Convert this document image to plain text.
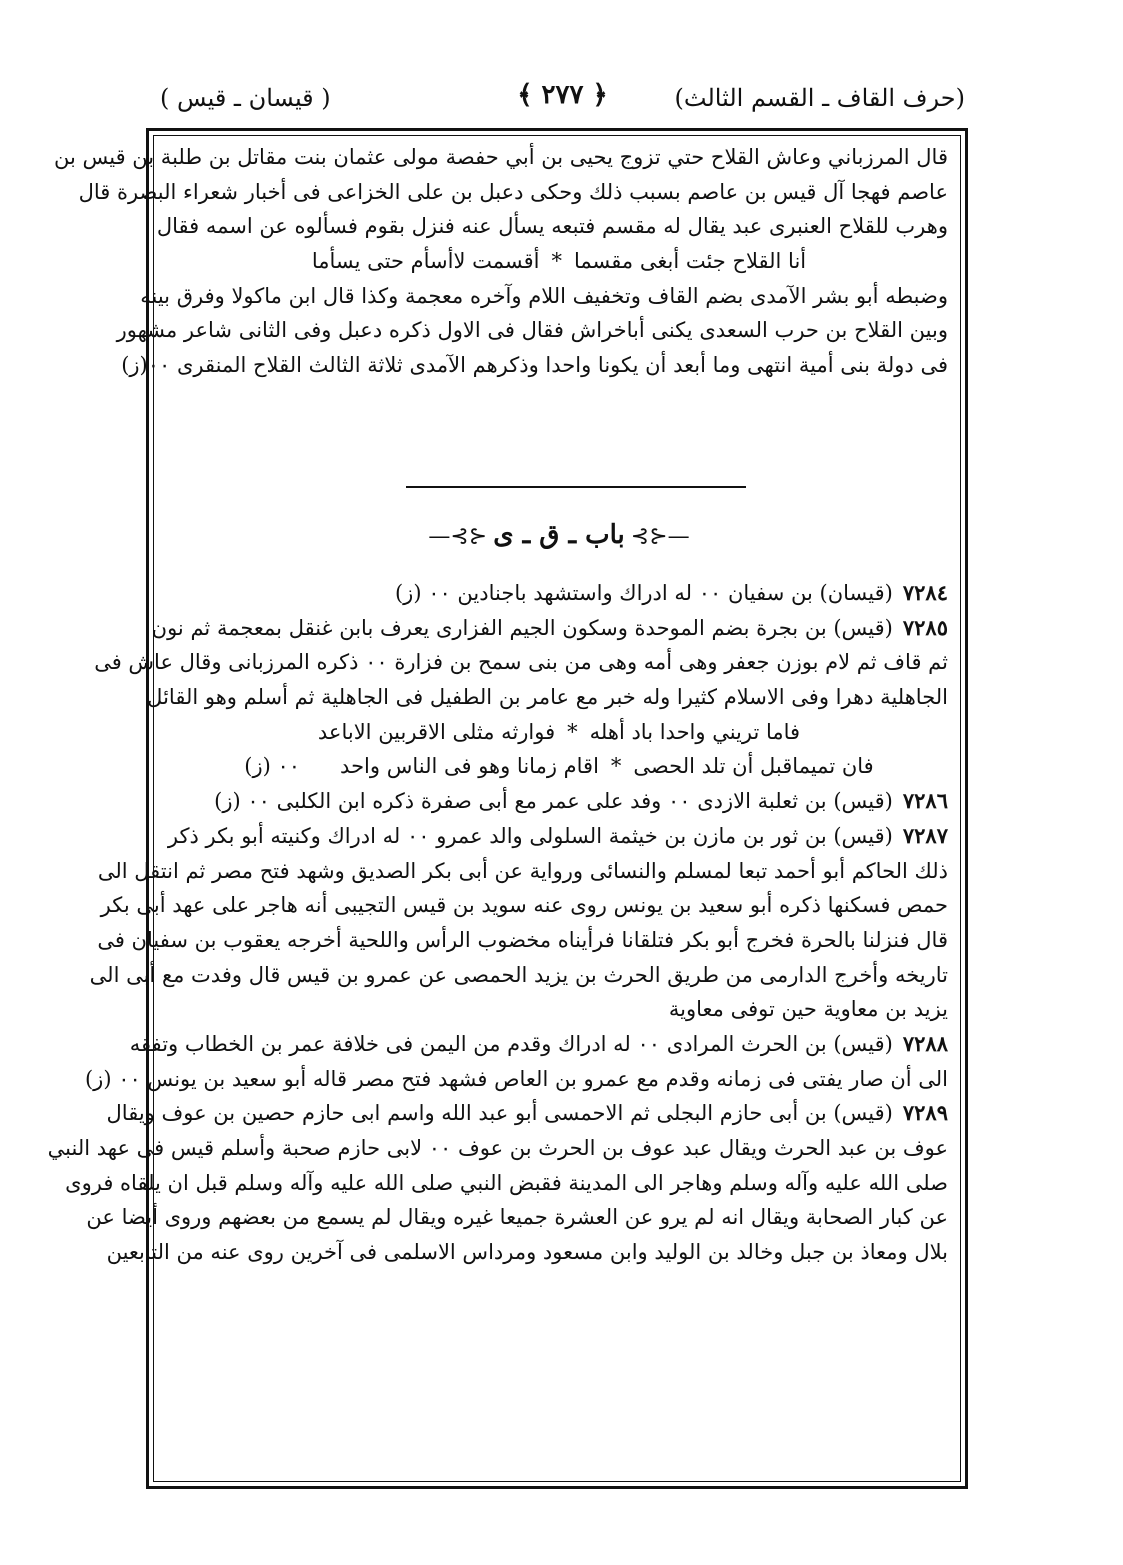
(حرف القاف ـ القسم الثالث)
﴿ ٢٧٧ ﴾
( قيسان ـ قيس )
قال المرزباني وعاش القلاح حتي تزوج يحيى بن أبي حفصة مولى عثمان بنت مقاتل بن طلبة بن قيس بن
عاصم فهجا آل قيس بن عاصم بسبب ذلك وحكى دعبل بن على الخزاعى فى أخبار شعراء البصرة قال
وهرب للقلاح العنبرى عبد يقال له مقسم فتبعه يسأل عنه فنزل بقوم فسألوه عن اسمه فقال
أنا القلاح جئت أبغى مقسما*أقسمت لاأسأم حتى يسأما
وضبطه أبو بشر الآمدى بضم القاف وتخفيف اللام وآخره معجمة وكذا قال ابن ماكولا وفرق بينه
وبين القلاح بن حرب السعدى يكنى أباخراش فقال فى الاول ذكره دعبل وفى الثانى شاعر مشهور
فى دولة بنى أمية انتهى وما أبعد أن يكونا واحدا وذكرهم الآمدى ثلاثة الثالث القلاح المنقرى ٠٠(ز)
—⊰⊱باب ـ ق ـ ى⊰⊱—
٧٢٨٤(قيسان) بن سفيان ٠٠ له ادراك واستشهد باجنادين ٠٠ (ز)
٧٢٨٥(قيس) بن بجرة بضم الموحدة وسكون الجيم الفزارى يعرف بابن غنقل بمعجمة ثم نون
ثم قاف ثم لام بوزن جعفر وهى أمه وهى من بنى سمح بن فزارة ٠٠ ذكره المرزبانى وقال عاش فى
الجاهلية دهرا وفى الاسلام كثيرا وله خبر مع عامر بن الطفيل فى الجاهلية ثم أسلم وهو القائل
فاما تريني واحدا باد أهله*فوارثه مثلى الاقربين الاباعد
فان تميماقبل أن تلد الحصى*اقام زمانا وهو فى الناس واحد٠٠ (ز)
٧٢٨٦(قيس) بن ثعلبة الازدى ٠٠ وفد على عمر مع أبى صفرة ذكره ابن الكلبى ٠٠ (ز)
٧٢٨٧(قيس) بن ثور بن مازن بن خيثمة السلولى والد عمرو ٠٠ له ادراك وكنيته أبو بكر ذكر
ذلك الحاكم أبو أحمد تبعا لمسلم والنسائى ورواية عن أبى بكر الصديق وشهد فتح مصر ثم انتقل الى
حمص فسكنها ذكره أبو سعيد بن يونس روى عنه سويد بن قيس التجيبى أنه هاجر على عهد أبى بكر
قال فنزلنا بالحرة فخرج أبو بكر فتلقانا فرأيناه مخضوب الرأس واللحية أخرجه يعقوب بن سفيان فى
تاريخه وأخرج الدارمى من طريق الحرث بن يزيد الحمصى عن عمرو بن قيس قال وفدت مع أبى الى
يزيد بن معاوية حين توفى معاوية
٧٢٨٨(قيس) بن الحرث المرادى ٠٠ له ادراك وقدم من اليمن فى خلافة عمر بن الخطاب وتفقه
الى أن صار يفتى فى زمانه وقدم مع عمرو بن العاص فشهد فتح مصر قاله أبو سعيد بن يونس ٠٠ (ز)
٧٢٨٩(قيس) بن أبى حازم البجلى ثم الاحمسى أبو عبد الله واسم ابى حازم حصين بن عوف ويقال
عوف بن عبد الحرث ويقال عبد عوف بن الحرث بن عوف ٠٠ لابى حازم صحبة وأسلم قيس فى عهد النبي
صلى الله عليه وآله وسلم وهاجر الى المدينة فقبض النبي صلى الله عليه وآله وسلم قبل ان يلقاه فروى
عن كبار الصحابة ويقال انه لم يرو عن العشرة جميعا غيره ويقال لم يسمع من بعضهم وروى أيضا عن
بلال ومعاذ بن جبل وخالد بن الوليد وابن مسعود ومرداس الاسلمى فى آخرين روى عنه من التابعين
